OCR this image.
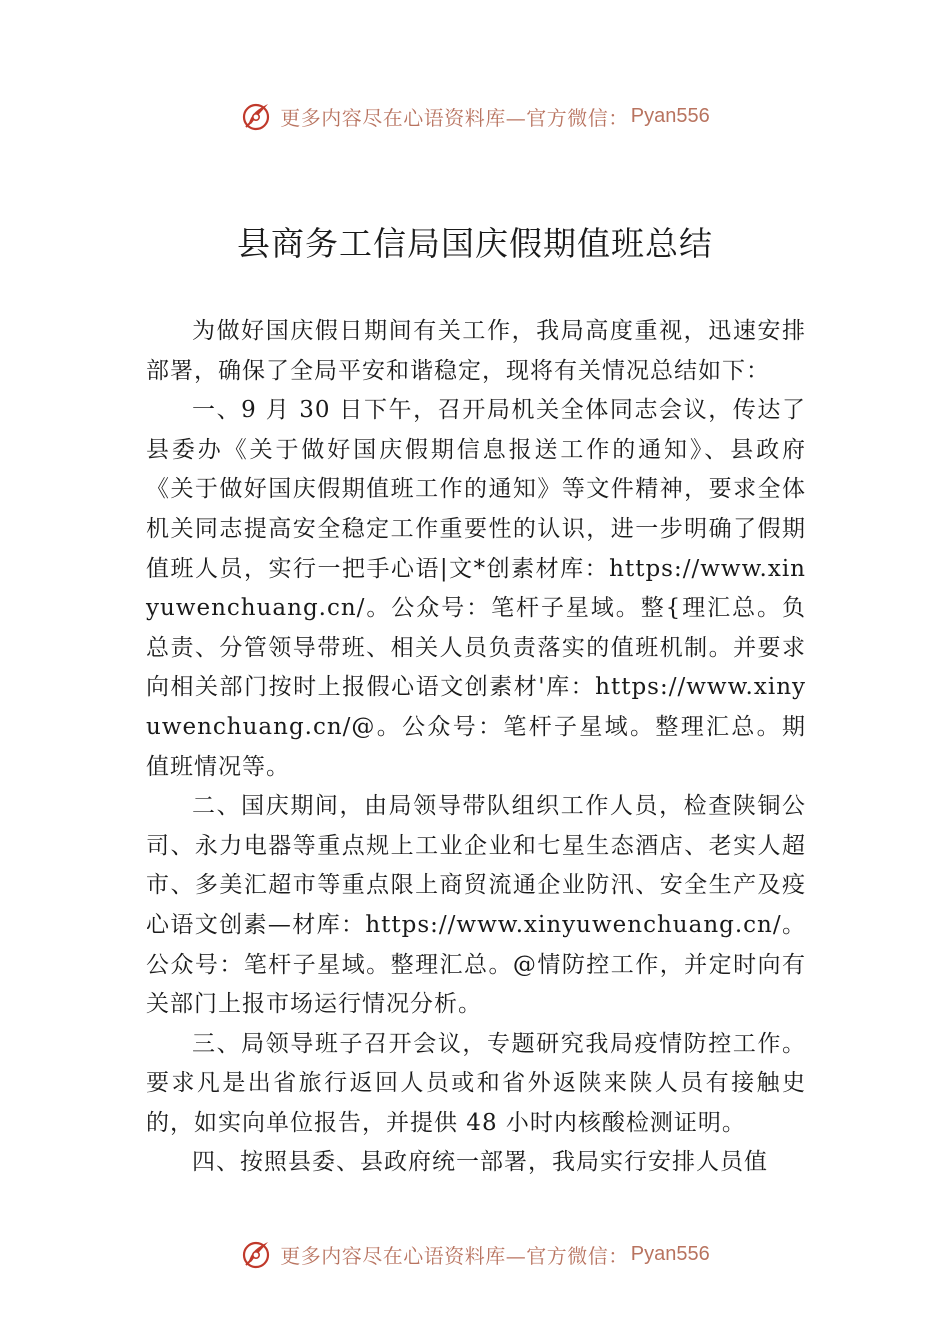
更多内容尽在心语资料库—官方微信： Pyan556
县商务工信局国庆假期值班总结

为做好国庆假日期间有关工作，我局高度重视，迅速安排部署，确保了全局平安和谐稳定，现将有关情况总结如下：

一、9 月 30 日下午，召开局机关全体同志会议，传达了县委办《关于做好国庆假期信息报送工作的通知》、县政府《关于做好国庆假期值班工作的通知》等文件精神，要求全体机关同志提高安全稳定工作重要性的认识，进一步明确了假期值班人员，实行一把手心语|文*创素材库：https://www.xinyuwenchuang.cn/。公众号：笔杆子星域。整{理汇总。负总责、分管领导带班、相关人员负责落实的值班机制。并要求向相关部门按时上报假心语文创素材'库：https://www.xinyuwenchuang.cn/@。公众号：笔杆子星域。整理汇总。期值班情况等。

二、国庆期间，由局领导带队组织工作人员，检查陕铜公司、永力电器等重点规上工业企业和七星生态酒店、老实人超市、多美汇超市等重点限上商贸流通企业防汛、安全生产及疫心语文创素—材库：https://www.xinyuwenchuang.cn/。公众号：笔杆子星域。整理汇总。@情防控工作，并定时向有关部门上报市场运行情况分析。

三、局领导班子召开会议，专题研究我局疫情防控工作。要求凡是出省旅行返回人员或和省外返陕来陕人员有接触史的，如实向单位报告，并提供 48 小时内核酸检测证明。

四、按照县委、县政府统一部署，我局实行安排人员值

更多内容尽在心语资料库—官方微信： Pyan556
